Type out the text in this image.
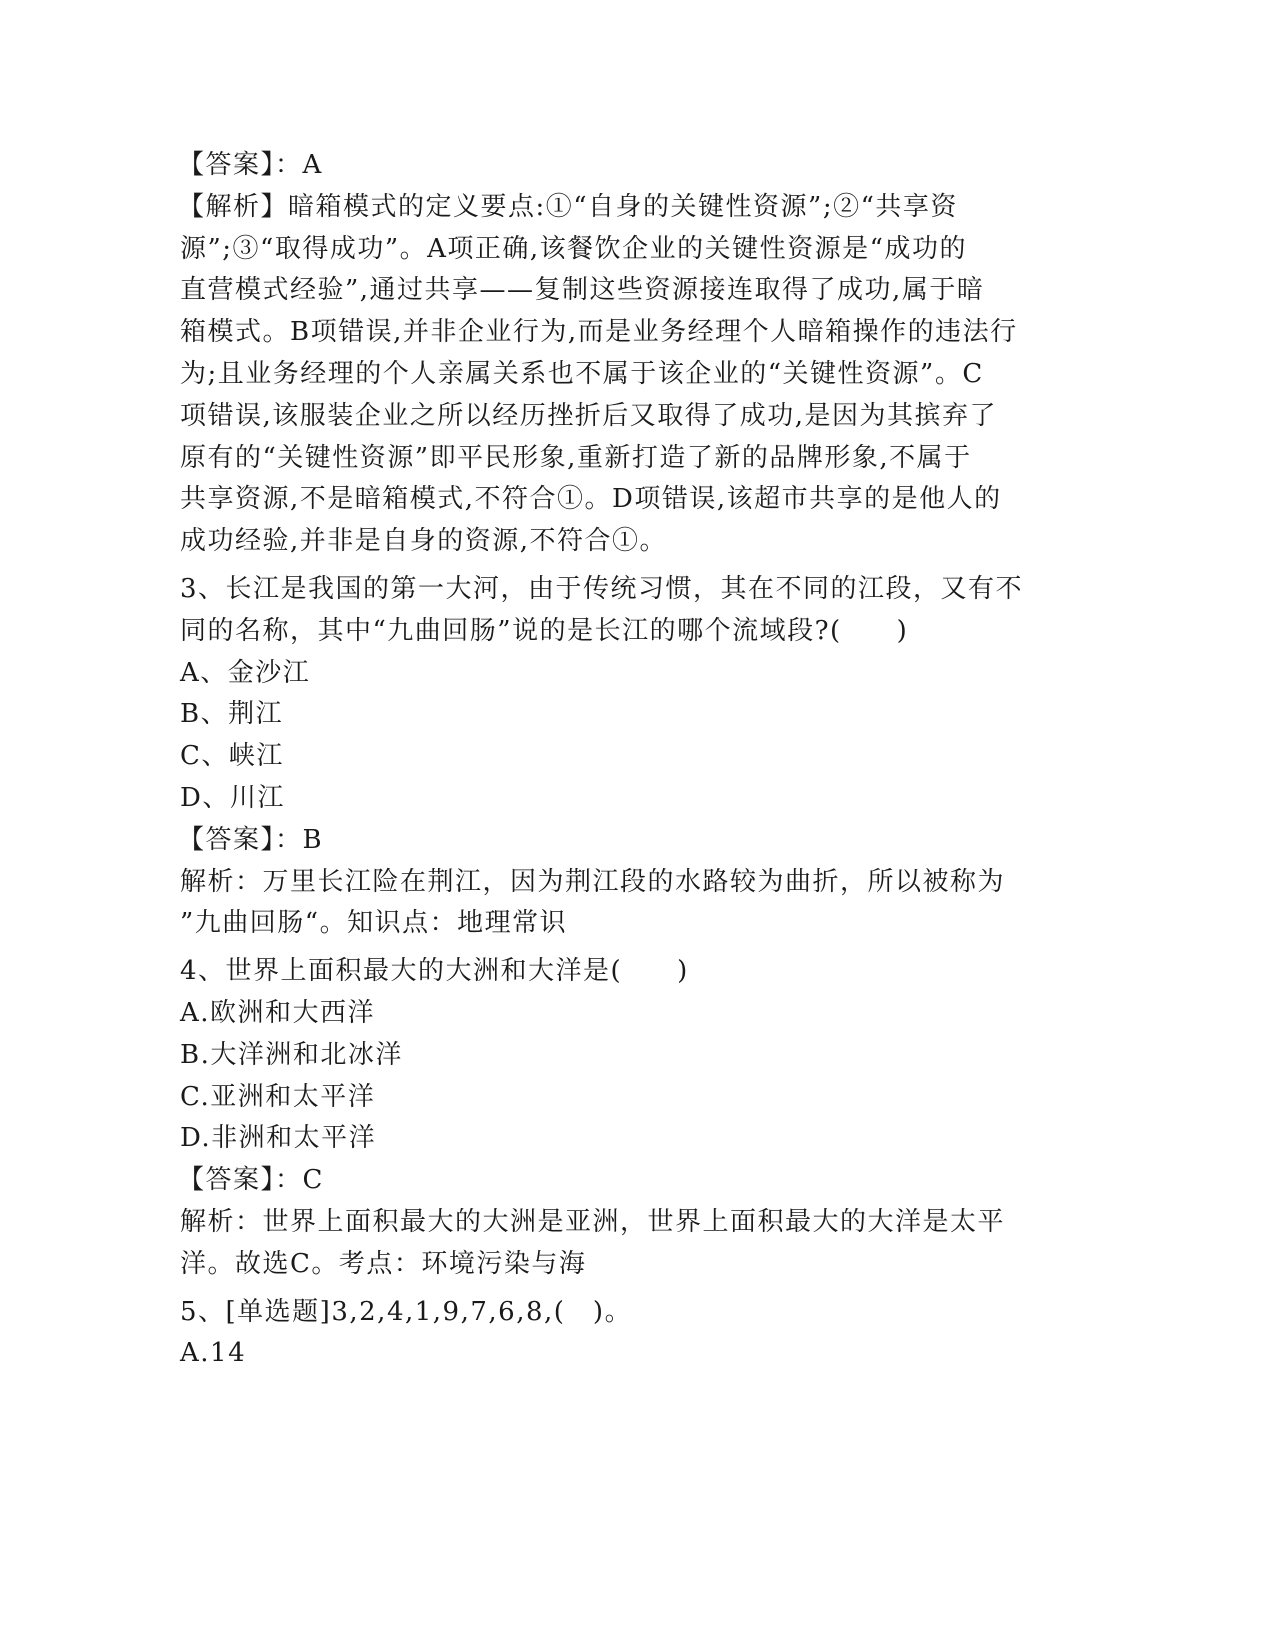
【答案】：A
【解析】暗箱模式的定义要点:①“自身的关键性资源”;②“共享资
源”;③“取得成功”。A项正确,该餐饮企业的关键性资源是“成功的
直营模式经验”,通过共享——复制这些资源接连取得了成功,属于暗
箱模式。B项错误,并非企业行为,而是业务经理个人暗箱操作的违法行
为;且业务经理的个人亲属关系也不属于该企业的“关键性资源”。C
项错误,该服装企业之所以经历挫折后又取得了成功,是因为其摈弃了
原有的“关键性资源”即平民形象,重新打造了新的品牌形象,不属于
共享资源,不是暗箱模式,不符合①。D项错误,该超市共享的是他人的
成功经验,并非是自身的资源,不符合①。
3、长江是我国的第一大河，由于传统习惯，其在不同的江段，又有不
同的名称，其中“九曲回肠”说的是长江的哪个流域段?(　　)
A、金沙江
B、荆江
C、峡江
D、川江
【答案】：B
解析：万里长江险在荆江，因为荆江段的水路较为曲折，所以被称为
”九曲回肠“。知识点：地理常识
4、世界上面积最大的大洲和大洋是(　　)
A.欧洲和大西洋
B.大洋洲和北冰洋
C.亚洲和太平洋
D.非洲和太平洋
【答案】：C
解析：世界上面积最大的大洲是亚洲，世界上面积最大的大洋是太平
洋。故选C。考点：环境污染与海
5、[单选题]3,2,4,1,9,7,6,8,(　)。
A.14
